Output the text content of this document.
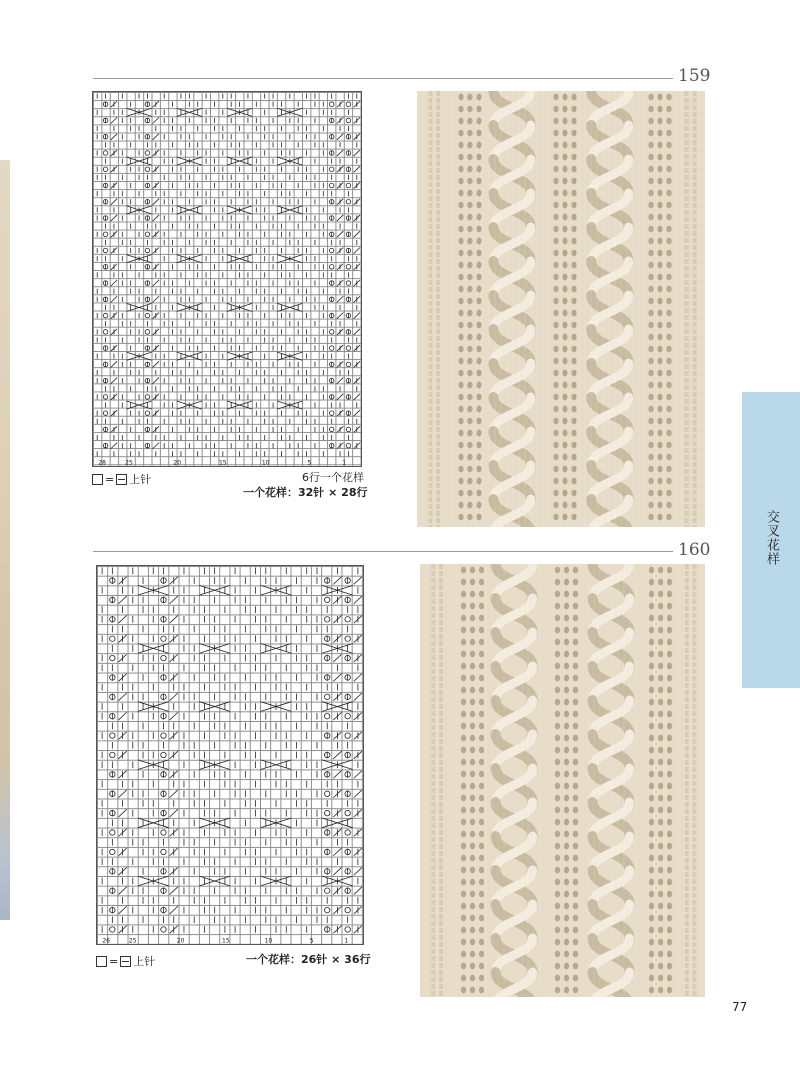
159
28	25	20	15	10	5	1
= 上针	6行一个花样
一个花样：32针 × 28行
160
26	25	20	15	10	5	1
= 上针	一个花样：26针 × 36行
交叉花样
77
